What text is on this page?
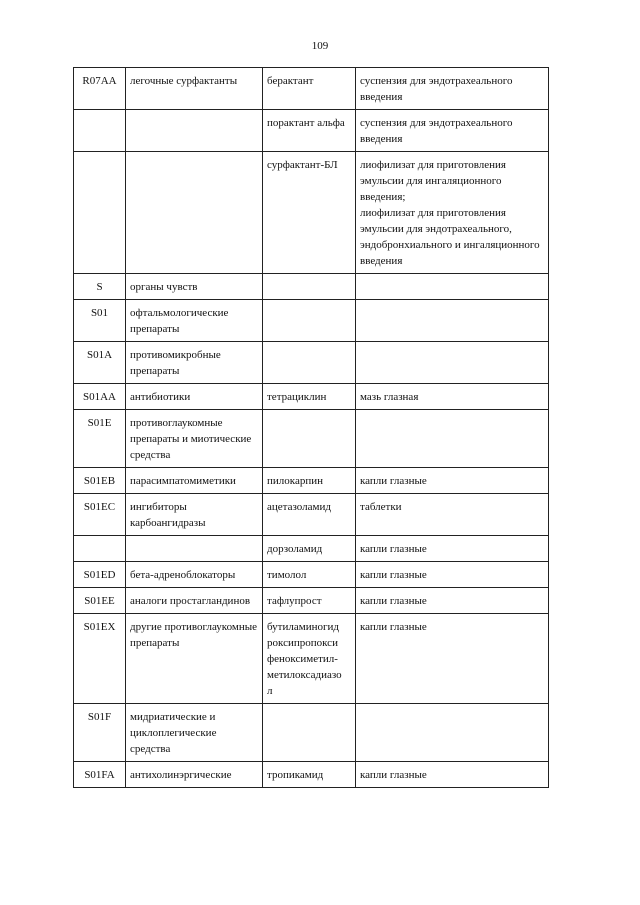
109
R07AA	легочные сурфактанты	берактант	суспензия для эндотрахеального введения

		порактант альфа	суспензия для эндотрахеального введения

		сурфактант-БЛ	лиофилизат для приготовления эмульсии для ингаляционного введения;
лиофилизат для приготовления эмульсии для эндотрахеального, эндобронхиального и ингаляционного введения

S	органы чувств		

S01	офтальмологические препараты		

S01A	противомикробные препараты		

S01AA	антибиотики	тетрациклин	мазь глазная

S01E	противоглаукомные препараты и миотические средства		

S01EB	парасимпатомиметики	пилокарпин	капли глазные

S01EC	ингибиторы карбоангидразы	ацетазоламид	таблетки

		дорзоламид	капли глазные

S01ED	бета-адреноблокаторы	тимолол	капли глазные

S01EE	аналоги простагландинов	тафлупрост	капли глазные

S01EX	другие противоглаукомные препараты	бутиламиногид
роксипропокси
феноксиметил-
метилоксадиазо
л	капли глазные

S01F	мидриатические и циклоплегические средства		

S01FA	антихолинэргические	тропикамид	капли глазные
